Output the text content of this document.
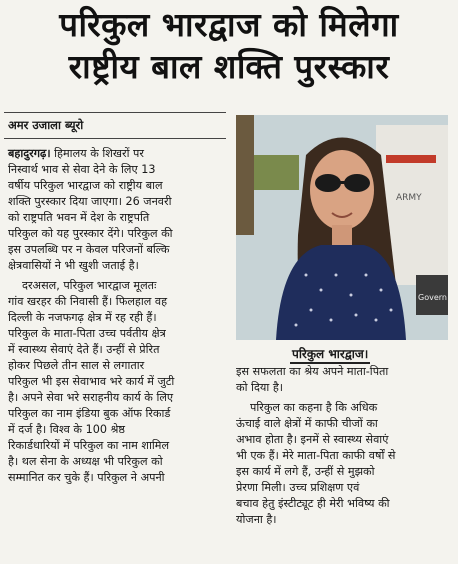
परिकुल भारद्वाज को मिलेगा
राष्ट्रीय बाल शक्ति पुरस्कार
अमर उजाला ब्यूरो
बहादुरगढ़। हिमालय के शिखरों पर
निस्वार्थ भाव से सेवा देने के लिए 13
वर्षीय परिकुल भारद्वाज को राष्ट्रीय बाल
शक्ति पुरस्कार दिया जाएगा। 26 जनवरी
को राष्ट्रपति भवन में देश के राष्ट्रपति
परिकुल को यह पुरस्कार देंगे। परिकुल की
इस उपलब्धि पर न केवल परिजनों बल्कि
क्षेत्रवासियों ने भी खुशी जताई है।
दरअसल, परिकुल भारद्वाज मूलतः
गांव खरहर की निवासी हैं। फिलहाल वह
दिल्ली के नजफगढ़ क्षेत्र में रह रही हैं।
परिकुल के माता-पिता उच्च पर्वतीय क्षेत्र
में स्वास्थ्य सेवाएं देते हैं। उन्हीं से प्रेरित
होकर पिछले तीन साल से लगातार
परिकुल भी इस सेवाभाव भरे कार्य में जुटी
है। अपने सेवा भरे सराहनीय कार्य के लिए
परिकुल का नाम इंडिया बुक ऑफ रिकार्ड
में दर्ज है। विश्व के 100 श्रेष्ठ
रिकार्डधारियों में परिकुल का नाम शामिल
है। थल सेना के अध्यक्ष भी परिकुल को
सम्मानित कर चुके हैं। परिकुल ने अपनी
ARMY
Govern
परिकुल भारद्वाज।
इस सफलता का श्रेय अपने माता-पिता
को दिया है।
परिकुल का कहना है कि अधिक
ऊंचाई वाले क्षेत्रों में काफी चीजों का
अभाव होता है। इनमें से स्वास्थ्य सेवाएं
भी एक हैं। मेरे माता-पिता काफी वर्षों से
इस कार्य में लगे हैं, उन्हीं से मुझको
प्रेरणा मिली। उच्च प्रशिक्षण एवं
बचाव हेतु इंस्टीट्यूट ही मेरी भविष्य की
योजना है।
